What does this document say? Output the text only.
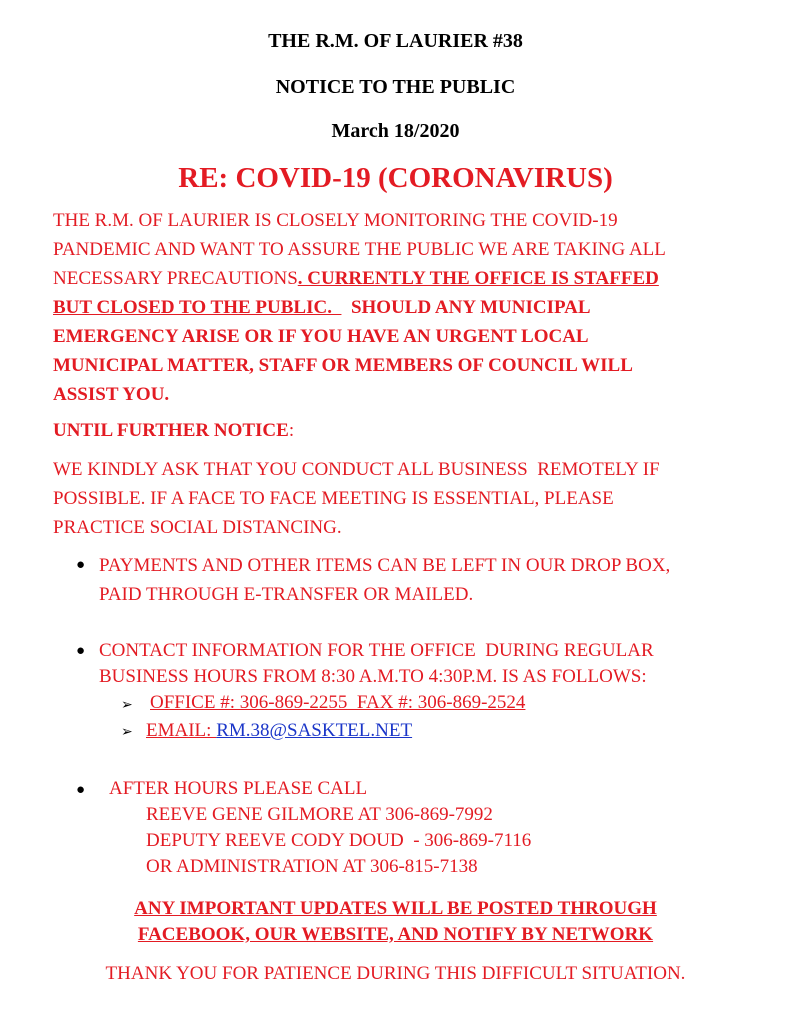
THE R.M. OF LAURIER #38
NOTICE TO THE PUBLIC
March 18/2020
RE: COVID-19 (CORONAVIRUS)
THE R.M. OF LAURIER IS CLOSELY MONITORING THE COVID-19
PANDEMIC AND WANT TO ASSURE THE PUBLIC WE ARE TAKING ALL
NECESSARY PRECAUTIONS. CURRENTLY THE OFFICE IS STAFFED
BUT CLOSED TO THE PUBLIC.    SHOULD ANY MUNICIPAL
EMERGENCY ARISE OR IF YOU HAVE AN URGENT LOCAL
MUNICIPAL MATTER, STAFF OR MEMBERS OF COUNCIL WILL
ASSIST YOU.
UNTIL FURTHER NOTICE:
WE KINDLY ASK THAT YOU CONDUCT ALL BUSINESS  REMOTELY IF
POSSIBLE. IF A FACE TO FACE MEETING IS ESSENTIAL, PLEASE
PRACTICE SOCIAL DISTANCING.
● PAYMENTS AND OTHER ITEMS CAN BE LEFT IN OUR DROP BOX,
PAID THROUGH E-TRANSFER OR MAILED.
● CONTACT INFORMATION FOR THE OFFICE  DURING REGULAR
BUSINESS HOURS FROM 8:30 A.M.TO 4:30P.M. IS AS FOLLOWS:
➢ OFFICE #: 306-869-2255  FAX #: 306-869-2524
➢ EMAIL: RM.38@SASKTEL.NET
● AFTER HOURS PLEASE CALL
REEVE GENE GILMORE AT 306-869-7992
DEPUTY REEVE CODY DOUD  - 306-869-7116
OR ADMINISTRATION AT 306-815-7138
ANY IMPORTANT UPDATES WILL BE POSTED THROUGH
FACEBOOK, OUR WEBSITE, AND NOTIFY BY NETWORK
THANK YOU FOR PATIENCE DURING THIS DIFFICULT SITUATION.
